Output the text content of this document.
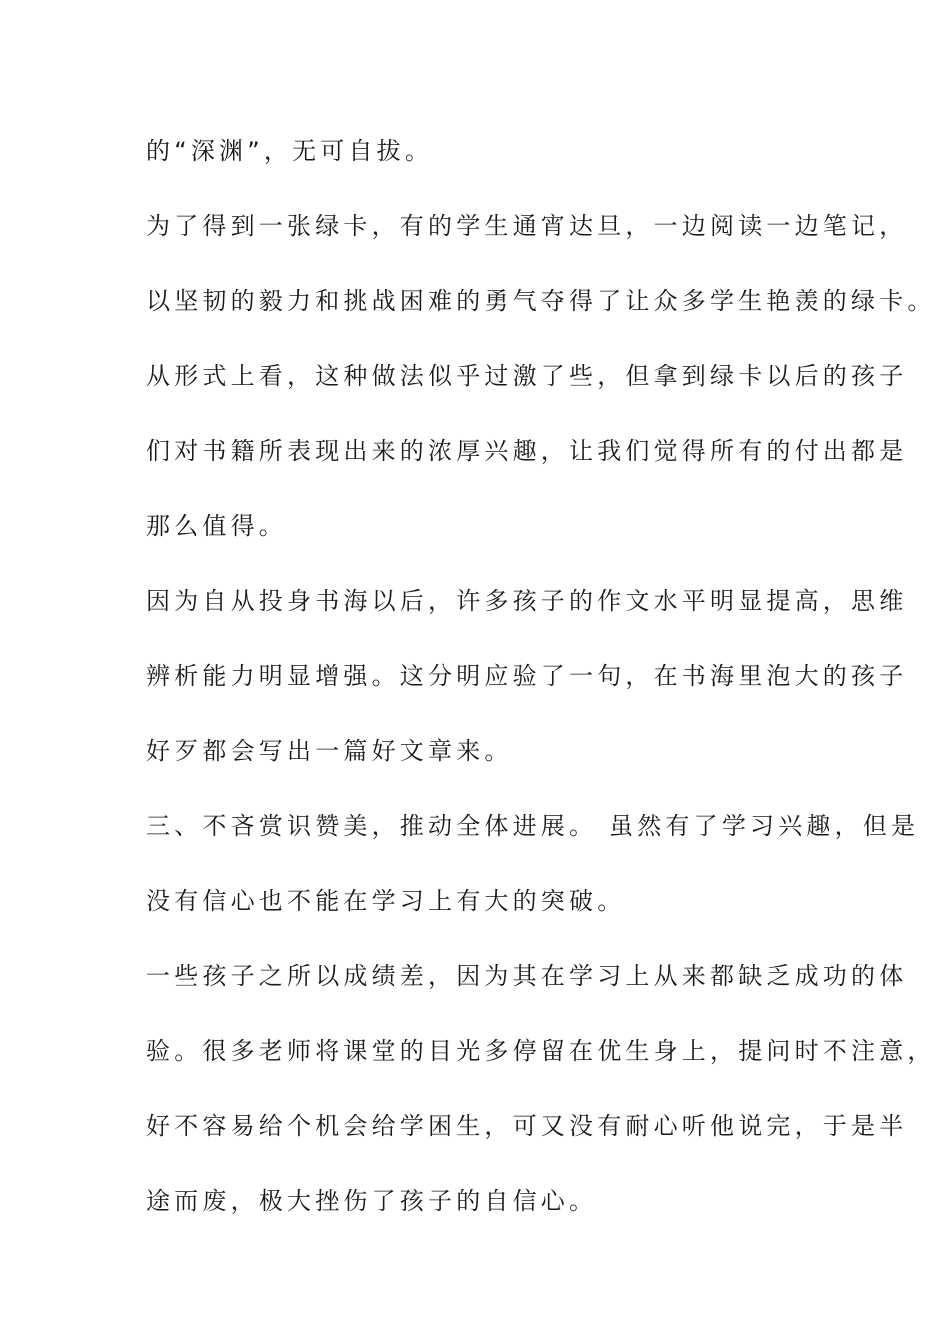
的“深渊”，无可自拔。
为了得到一张绿卡，有的学生通宵达旦，一边阅读一边笔记，
以坚韧的毅力和挑战困难的勇气夺得了让众多学生艳羡的绿卡。
从形式上看，这种做法似乎过激了些，但拿到绿卡以后的孩子
们对书籍所表现出来的浓厚兴趣，让我们觉得所有的付出都是
那么值得。
因为自从投身书海以后，许多孩子的作文水平明显提高，思维
辨析能力明显增强。这分明应验了一句，在书海里泡大的孩子
好歹都会写出一篇好文章来。
三、不吝赏识赞美，推动全体进展。 虽然有了学习兴趣，但是
没有信心也不能在学习上有大的突破。
一些孩子之所以成绩差，因为其在学习上从来都缺乏成功的体
验。很多老师将课堂的目光多停留在优生身上，提问时不注意，
好不容易给个机会给学困生，可又没有耐心听他说完，于是半
途而废，极大挫伤了孩子的自信心。
